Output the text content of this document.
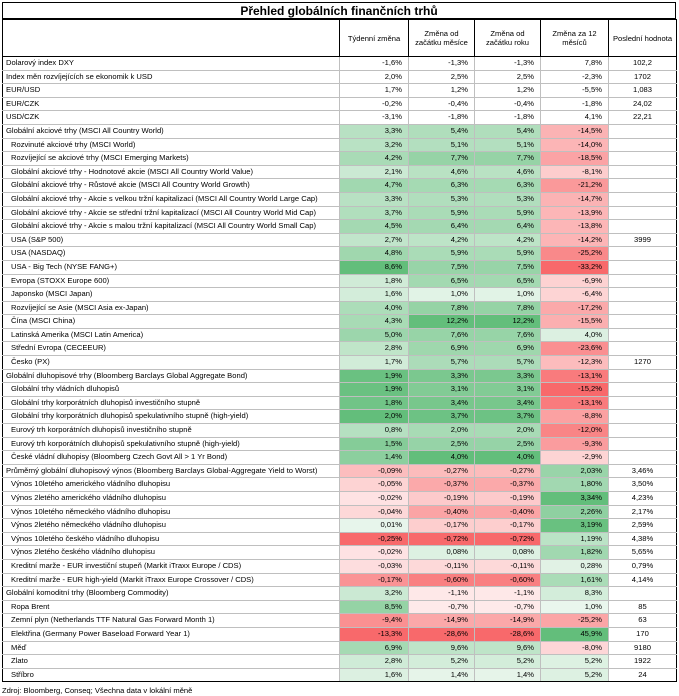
Přehled globálních finančních trhů
	Týdenní změna	Změna od začátku měsíce	Změna od začátku roku	Změna za 12 měsíců	Poslední hodnota
Dolarový index DXY	-1,6%	-1,3%	-1,3%	7,8%	102,2
Index měn rozvíjejících se ekonomik k USD	2,0%	2,5%	2,5%	-2,3%	1702
EUR/USD	1,7%	1,2%	1,2%	-5,5%	1,083
EUR/CZK	-0,2%	-0,4%	-0,4%	-1,8%	24,02
USD/CZK	-3,1%	-1,8%	-1,8%	4,1%	22,21
Globální akciové trhy (MSCI All Country World)	3,3%	5,4%	5,4%	-14,5%	
Rozvinuté akciové trhy (MSCI World)	3,2%	5,1%	5,1%	-14,0%	
Rozvíjející se akciové trhy (MSCI Emerging Markets)	4,2%	7,7%	7,7%	-18,5%	
Globální akciové trhy - Hodnotové akcie (MSCI All Country World Value)	2,1%	4,6%	4,6%	-8,1%	
Globální akciové trhy - Růstové akcie (MSCI All Country World Growth)	4,7%	6,3%	6,3%	-21,2%	
Globální akciové trhy - Akcie s velkou tržní kapitalizací (MSCI All Country World Large Cap)	3,3%	5,3%	5,3%	-14,7%	
Globální akciové trhy - Akcie se střední tržní kapitalizací (MSCI All Country World Mid Cap)	3,7%	5,9%	5,9%	-13,9%	
Globální akciové trhy - Akcie s malou tržní kapitalizací (MSCI All Country World Small Cap)	4,5%	6,4%	6,4%	-13,8%	
USA (S&P 500)	2,7%	4,2%	4,2%	-14,2%	3999
USA (NASDAQ)	4,8%	5,9%	5,9%	-25,2%	
USA - Big Tech (NYSE FANG+)	8,6%	7,5%	7,5%	-33,2%	
Evropa (STOXX Europe 600)	1,8%	6,5%	6,5%	-6,9%	
Japonsko (MSCI Japan)	1,6%	1,0%	1,0%	-6,4%	
Rozvíjející se Asie (MSCI Asia ex-Japan)	4,0%	7,8%	7,8%	-17,2%	
Čína (MSCI China)	4,3%	12,2%	12,2%	-15,5%	
Latinská Amerika (MSCI Latin America)	5,0%	7,6%	7,6%	4,0%	
Střední Evropa (CECEEUR)	2,8%	6,9%	6,9%	-23,6%	
Česko (PX)	1,7%	5,7%	5,7%	-12,3%	1270
Globální dluhopisové trhy (Bloomberg Barclays Global Aggregate Bond)	1,9%	3,3%	3,3%	-13,1%	
Globální trhy vládních dluhopisů	1,9%	3,1%	3,1%	-15,2%	
Globální trhy korporátních dluhopisů investičního stupně	1,8%	3,4%	3,4%	-13,1%	
Globální trhy korporátních dluhopisů spekulativního stupně (high-yield)	2,0%	3,7%	3,7%	-8,8%	
Eurový trh korporátních dluhopisů investičního stupně	0,8%	2,0%	2,0%	-12,0%	
Eurový trh korporátních dluhopisů spekulativního stupně (high-yield)	1,5%	2,5%	2,5%	-9,3%	
České vládní dluhopisy (Bloomberg Czech Govt All > 1 Yr Bond)	1,4%	4,0%	4,0%	-2,9%	
Průměrný globální dluhopisový výnos (Bloomberg Barclays Global-Aggregate Yield to Worst)	-0,09%	-0,27%	-0,27%	2,03%	3,46%
Výnos 10letého amerického vládního dluhopisu	-0,05%	-0,37%	-0,37%	1,80%	3,50%
Výnos 2letého amerického vládního dluhopisu	-0,02%	-0,19%	-0,19%	3,34%	4,23%
Výnos 10letého německého vládního dluhopisu	-0,04%	-0,40%	-0,40%	2,26%	2,17%
Výnos 2letého německého vládního dluhopisu	0,01%	-0,17%	-0,17%	3,19%	2,59%
Výnos 10letého českého vládního dluhopisu	-0,25%	-0,72%	-0,72%	1,19%	4,38%
Výnos 2letého českého vládního dluhopisu	-0,02%	0,08%	0,08%	1,82%	5,65%
Kreditní marže - EUR investiční stupeň (Markit iTraxx Europe / CDS)	-0,03%	-0,11%	-0,11%	0,28%	0,79%
Kreditní marže - EUR high-yield (Markit iTraxx Europe Crossover / CDS)	-0,17%	-0,60%	-0,60%	1,61%	4,14%
Globální komoditní trhy (Bloomberg Commodity)	3,2%	-1,1%	-1,1%	8,3%	
Ropa Brent	8,5%	-0,7%	-0,7%	1,0%	85
Zemní plyn (Netherlands TTF Natural Gas Forward Month 1)	-9,4%	-14,9%	-14,9%	-25,2%	63
Elektřina (Germany Power Baseload Forward Year 1)	-13,3%	-28,6%	-28,6%	45,9%	170
Měď	6,9%	9,6%	9,6%	-8,0%	9180
Zlato	2,8%	5,2%	5,2%	5,2%	1922
Stříbro	1,6%	1,4%	1,4%	5,2%	24
Zdroj: Bloomberg, Conseq; Všechna data v lokální měně
